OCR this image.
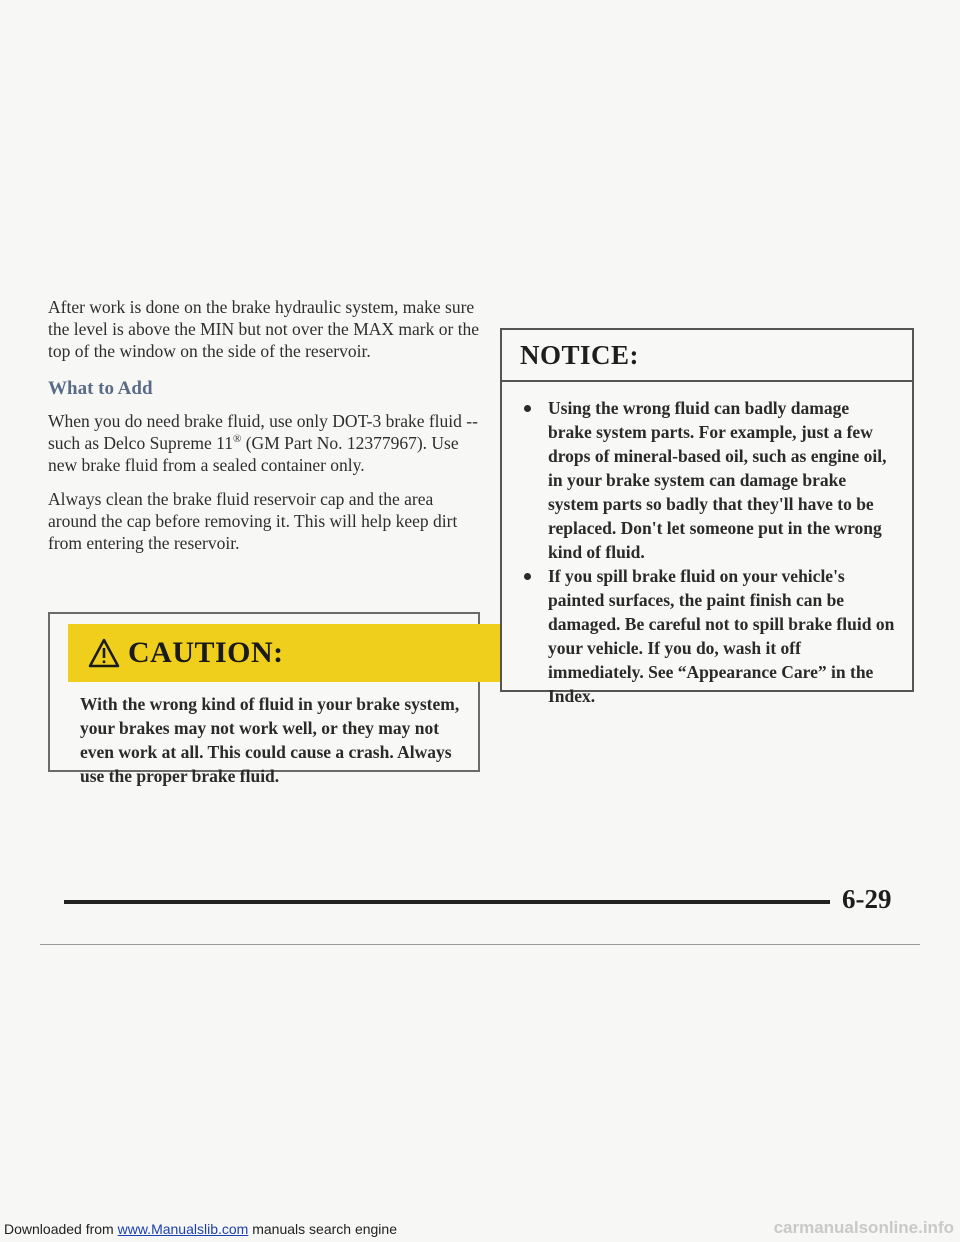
After work is done on the brake hydraulic system, make sure the level is above the MIN but not over the MAX mark or the top of the window on the side of the reservoir.

What to Add

When you do need brake fluid, use only DOT-3 brake fluid -- such as Delco Supreme 11® (GM Part No. 12377967). Use new brake fluid from a sealed container only.

Always clean the brake fluid reservoir cap and the area around the cap before removing it. This will help keep dirt from entering the reservoir.

CAUTION:

With the wrong kind of fluid in your brake system, your brakes may not work well, or they may not even work at all. This could cause a crash. Always use the proper brake fluid.

NOTICE:
Using the wrong fluid can badly damage brake system parts. For example, just a few drops of mineral-based oil, such as engine oil, in your brake system can damage brake system parts so badly that they'll have to be replaced. Don't let someone put in the wrong kind of fluid.
If you spill brake fluid on your vehicle's painted surfaces, the paint finish can be damaged. Be careful not to spill brake fluid on your vehicle. If you do, wash it off immediately. See “Appearance Care” in the Index.
6-29
Downloaded from www.Manualslib.com manuals search engine	carmanualsonline.info
